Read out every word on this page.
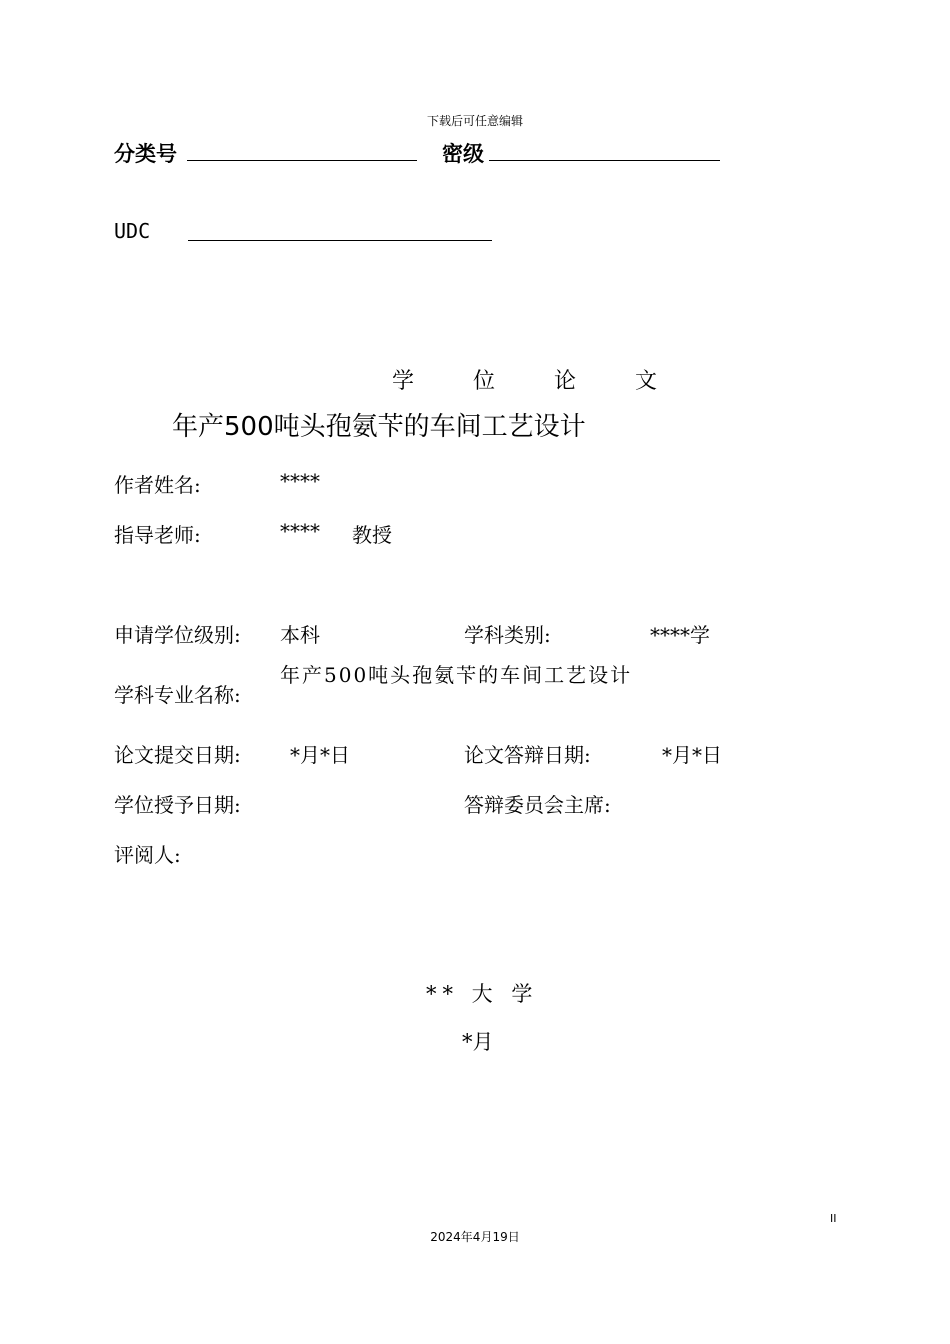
下载后可任意编辑
分类号	密级
UDC
学 位 论 文
年产500吨头孢氨苄的车间工艺设计
作者姓名:	****
指导老师:	**** 教授
申请学位级别: 本科	学科类别:	****学
学科专业名称:
年产500吨头孢氨苄的车间工艺设计
论文提交日期: *月*日	论文答辩日期:	*月*日
学位授予日期:	答辩委员会主席:
评阅人:
** 大 学
*月
II
2024年4月19日
